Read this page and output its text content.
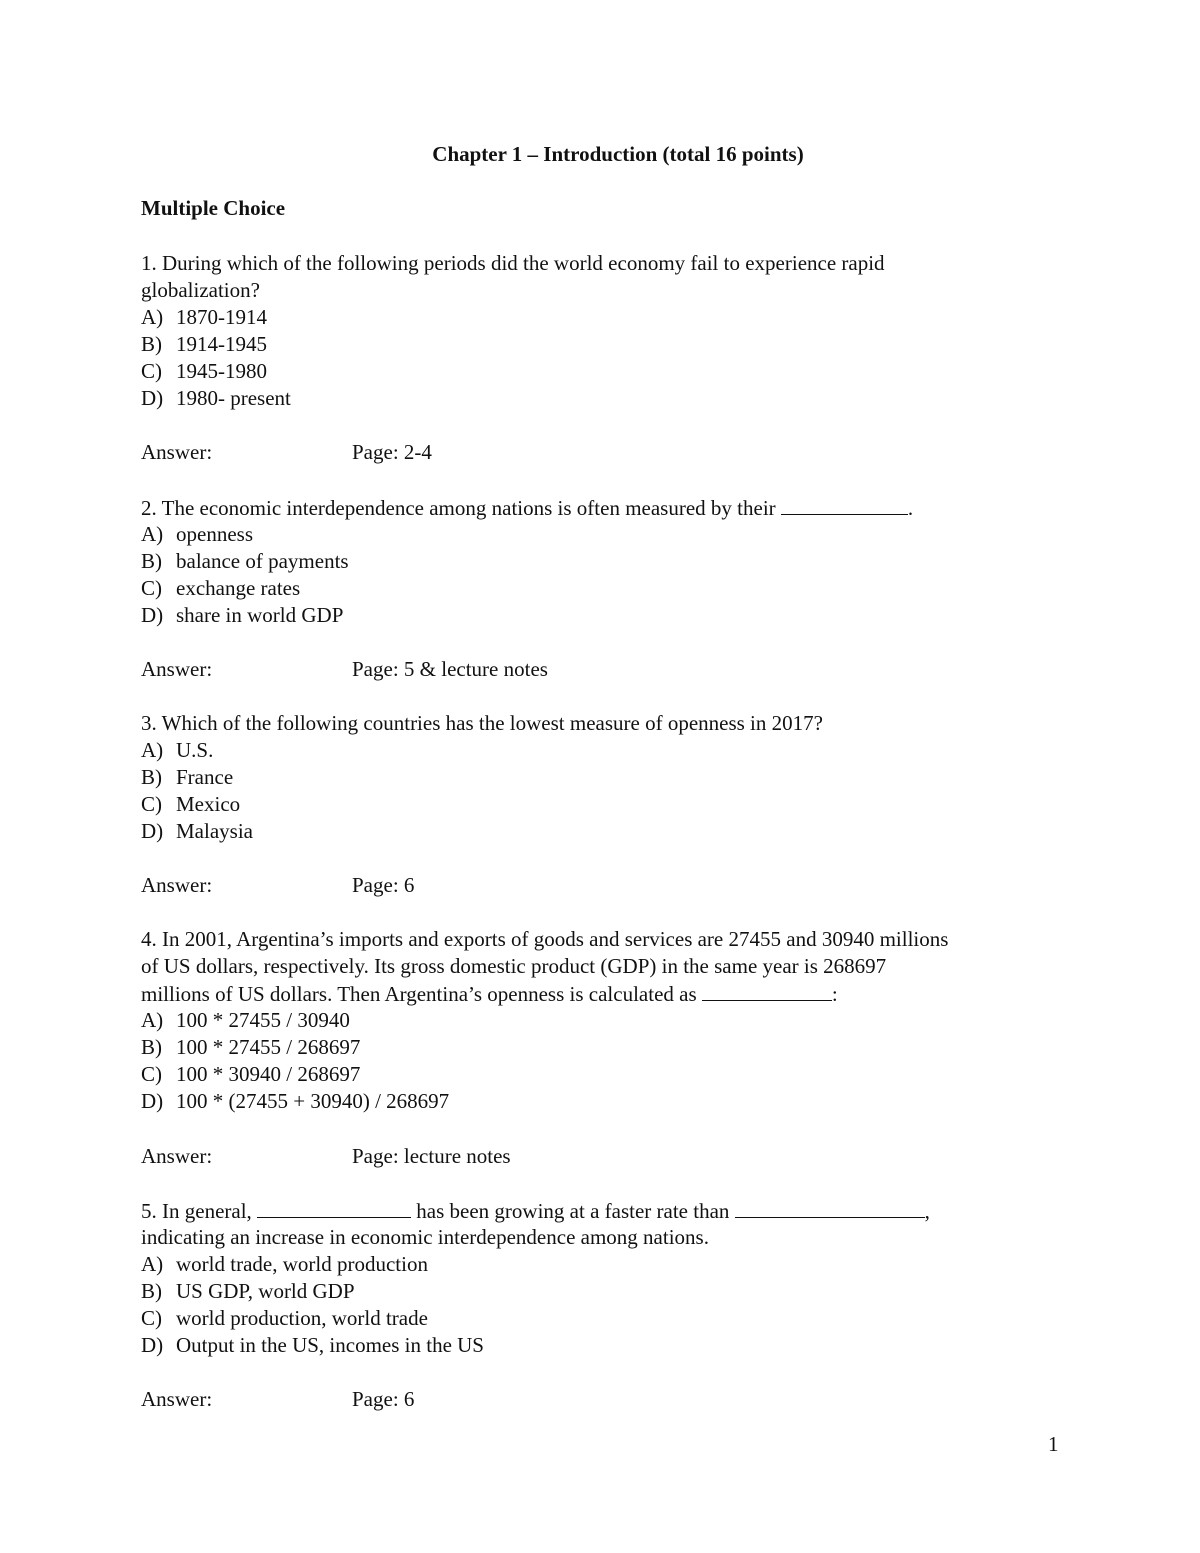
Chapter 1 – Introduction (total 16 points)
Multiple Choice
1. During which of the following periods did the world economy fail to experience rapid
globalization?
A) 1870-1914
B) 1914-1945
C) 1945-1980
D) 1980- present
Answer:	Page: 2-4
2. The economic interdependence among nations is often measured by their	.
A) openness
B) balance of payments
C) exchange rates
D) share in world GDP
Answer:	Page: 5 & lecture notes
3. Which of the following countries has the lowest measure of openness in 2017?
A) U.S.
B) France
C) Mexico
D) Malaysia
Answer:	Page: 6
4. In 2001, Argentina’s imports and exports of goods and services are 27455 and 30940 millions
of US dollars, respectively. Its gross domestic product (GDP) in the same year is 268697
millions of US dollars. Then Argentina’s openness is calculated as	:
A) 100 * 27455 / 30940
B) 100 * 27455 / 268697
C) 100 * 30940 / 268697
D) 100 * (27455 + 30940) / 268697
Answer:	Page: lecture notes
5. In general,	has been growing at a faster rate than	,
indicating an increase in economic interdependence among nations.
A) world trade, world production
B) US GDP, world GDP
C) world production, world trade
D) Output in the US, incomes in the US
Answer:	Page: 6
1
